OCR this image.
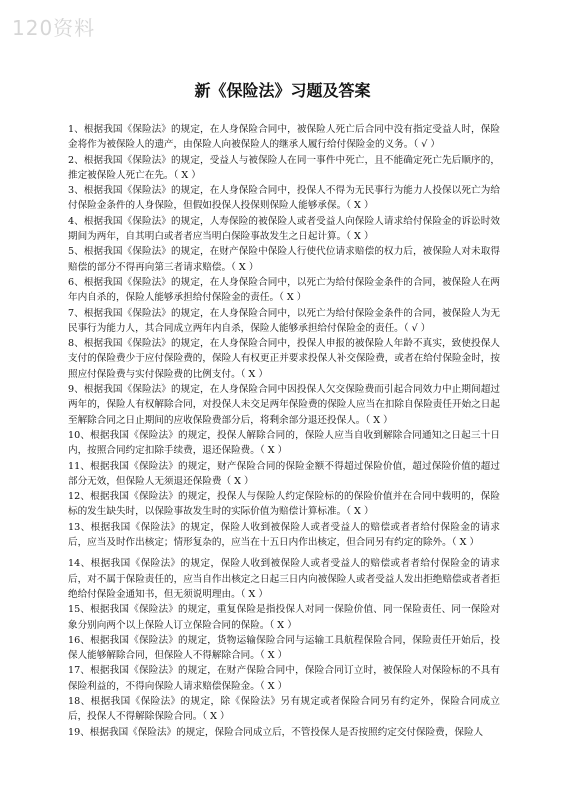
120资料
新《保险法》习题及答案

1、根据我国《保险法》的规定，在人身保险合同中，被保险人死亡后合同中没有指定受益人时，保险金将作为被保险人的遗产，由保险人向被保险人的继承人履行给付保险金的义务。（ √ ）

2、根据我国《保险法》的规定，受益人与被保险人在同一事件中死亡，且不能确定死亡先后顺序的，推定被保险人死亡在先。（ X ）

3、根据我国《保险法》的规定，在人身保险合同中，投保人不得为无民事行为能力人投保以死亡为给付保险金条件的人身保险，但假如投保人投保则保险人能够承保。（ X ）

4、根据我国《保险法》的规定，人寿保险的被保险人或者受益人向保险人请求给付保险金的诉讼时效期间为两年，自其明白或者者应当明白保险事故发生之日起计算。（ X ）

5、根据我国《保险法》的规定，在财产保险中保险人行使代位请求赔偿的权力后，被保险人对未取得赔偿的部分不得再向第三者请求赔偿。（ X ）

6、根据我国《保险法》的规定，在人身保险合同中，以死亡为给付保险金条件的合同，被保险人在两年内自杀的，保险人能够承担给付保险金的责任。（ X ）

7、根据我国《保险法》的规定，在人身保险合同中，以死亡为给付保险金条件的合同，被保险人为无民事行为能力人，其合同成立两年内自杀，保险人能够承担给付保险金的责任。（ √ ）

8、根据我国《保险法》的规定，在人身保险合同中，投保人申报的被保险人年龄不真实，致使投保人支付的保险费少于应付保险费的，保险人有权更正并要求投保人补交保险费，或者在给付保险金时，按照应付保险费与实付保险费的比例支付。（ X ）

9、根据我国《保险法》的规定，在人身保险合同中因投保人欠交保险费而引起合同效力中止期间超过两年的，保险人有权解除合同，对投保人未交足两年保险费的保险人应当在扣除自保险责任开始之日起至解除合同之日止期间的应收保险费部分后，将剩余部分退还投保人。（ X ）

10、根据我国《保险法》的规定，投保人解除合同的，保险人应当自收到解除合同通知之日起三十日内，按照合同约定扣除手续费，退还保险费。（ X ）

11、根据我国《保险法》的规定，财产保险合同的保险金额不得超过保险价值，超过保险价值的超过部分无效，但保险人无须退还保险费（ X ）

12、根据我国《保险法》的规定，投保人与保险人约定保险标的的保险价值并在合同中载明的，保险标的发生缺失时，以保险事故发生时的实际价值为赔偿计算标准。（ X ）

13、根据我国《保险法》的规定，保险人收到被保险人或者受益人的赔偿或者者给付保险金的请求后，应当及时作出核定；情形复杂的，应当在十五日内作出核定，但合同另有约定的除外。（ X ）

14、根据我国《保险法》的规定，保险人收到被保险人或者受益人的赔偿或者者给付保险金的请求后，对不属于保险责任的，应当自作出核定之日起三日内向被保险人或者受益人发出拒绝赔偿或者者拒绝给付保险金通知书，但无须说明理由。（ X ）

15、根据我国《保险法》的规定，重复保险是指投保人对同一保险价值、同一保险责任、同一保险对象分别向两个以上保险人订立保险合同的保险。（ X ）

16、根据我国《保险法》的规定，货物运输保险合同与运输工具航程保险合同，保险责任开始后，投保人能够解除合同，但保险人不得解除合同。（ X ）

17、根据我国《保险法》的规定，在财产保险合同中，保险合同订立时，被保险人对保险标的不具有保险利益的，不得向保险人请求赔偿保险金。（ X ）

18、根据我国《保险法》的规定，除《保险法》另有规定或者保险合同另有约定外，保险合同成立后，投保人不得解除保险合同。（ X ）

19、根据我国《保险法》的规定，保险合同成立后，不管投保人是否按照约定交付保险费，保险人
